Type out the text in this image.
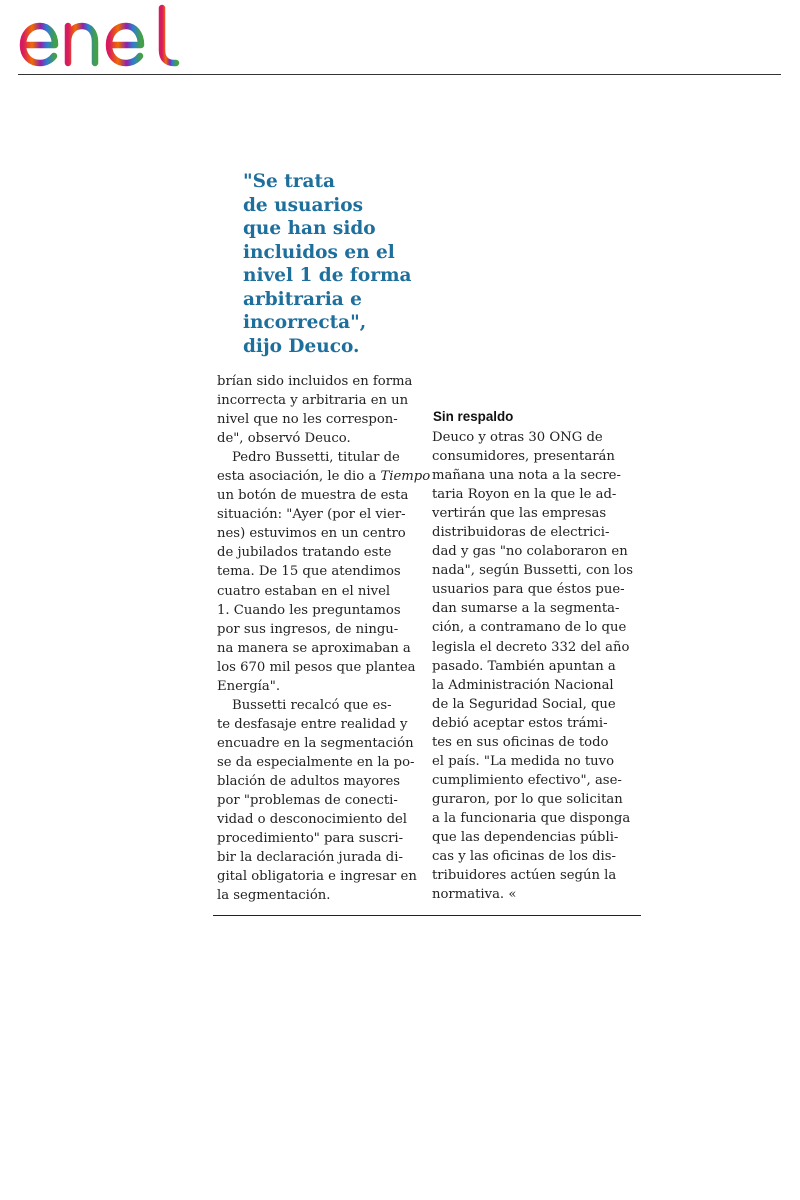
"Se trata
de usuarios
que han sido
incluidos en el
nivel 1 de forma
arbitraria e
incorrecta",
dijo Deuco.
brían sido incluidos en forma
incorrecta y arbitraria en un
nivel que no les correspon-
de", observó Deuco.
Pedro Bussetti, titular de
esta asociación, le dio a Tiempo
un botón de muestra de esta
situación: "Ayer (por el vier-
nes) estuvimos en un centro
de jubilados tratando este
tema. De 15 que atendimos
cuatro estaban en el nivel
1. Cuando les preguntamos
por sus ingresos, de ningu-
na manera se aproximaban a
los 670 mil pesos que plantea
Energía".
Bussetti recalcó que es-
te desfasaje entre realidad y
encuadre en la segmentación
se da especialmente en la po-
blación de adultos mayores
por "problemas de conecti-
vidad o desconocimiento del
procedimiento" para suscri-
bir la declaración jurada di-
gital obligatoria e ingresar en
la segmentación.
Sin respaldo
Deuco y otras 30 ONG de
consumidores, presentarán
mañana una nota a la secre-
taria Royon en la que le ad-
vertirán que las empresas
distribuidoras de electrici-
dad y gas "no colaboraron en
nada", según Bussetti, con los
usuarios para que éstos pue-
dan sumarse a la segmenta-
ción, a contramano de lo que
legisla el decreto 332 del año
pasado. También apuntan a
la Administración Nacional
de la Seguridad Social, que
debió aceptar estos trámi-
tes en sus oficinas de todo
el país. "La medida no tuvo
cumplimiento efectivo", ase-
guraron, por lo que solicitan
a la funcionaria que disponga
que las dependencias públi-
cas y las oficinas de los dis-
tribuidores actúen según la
normativa. «
